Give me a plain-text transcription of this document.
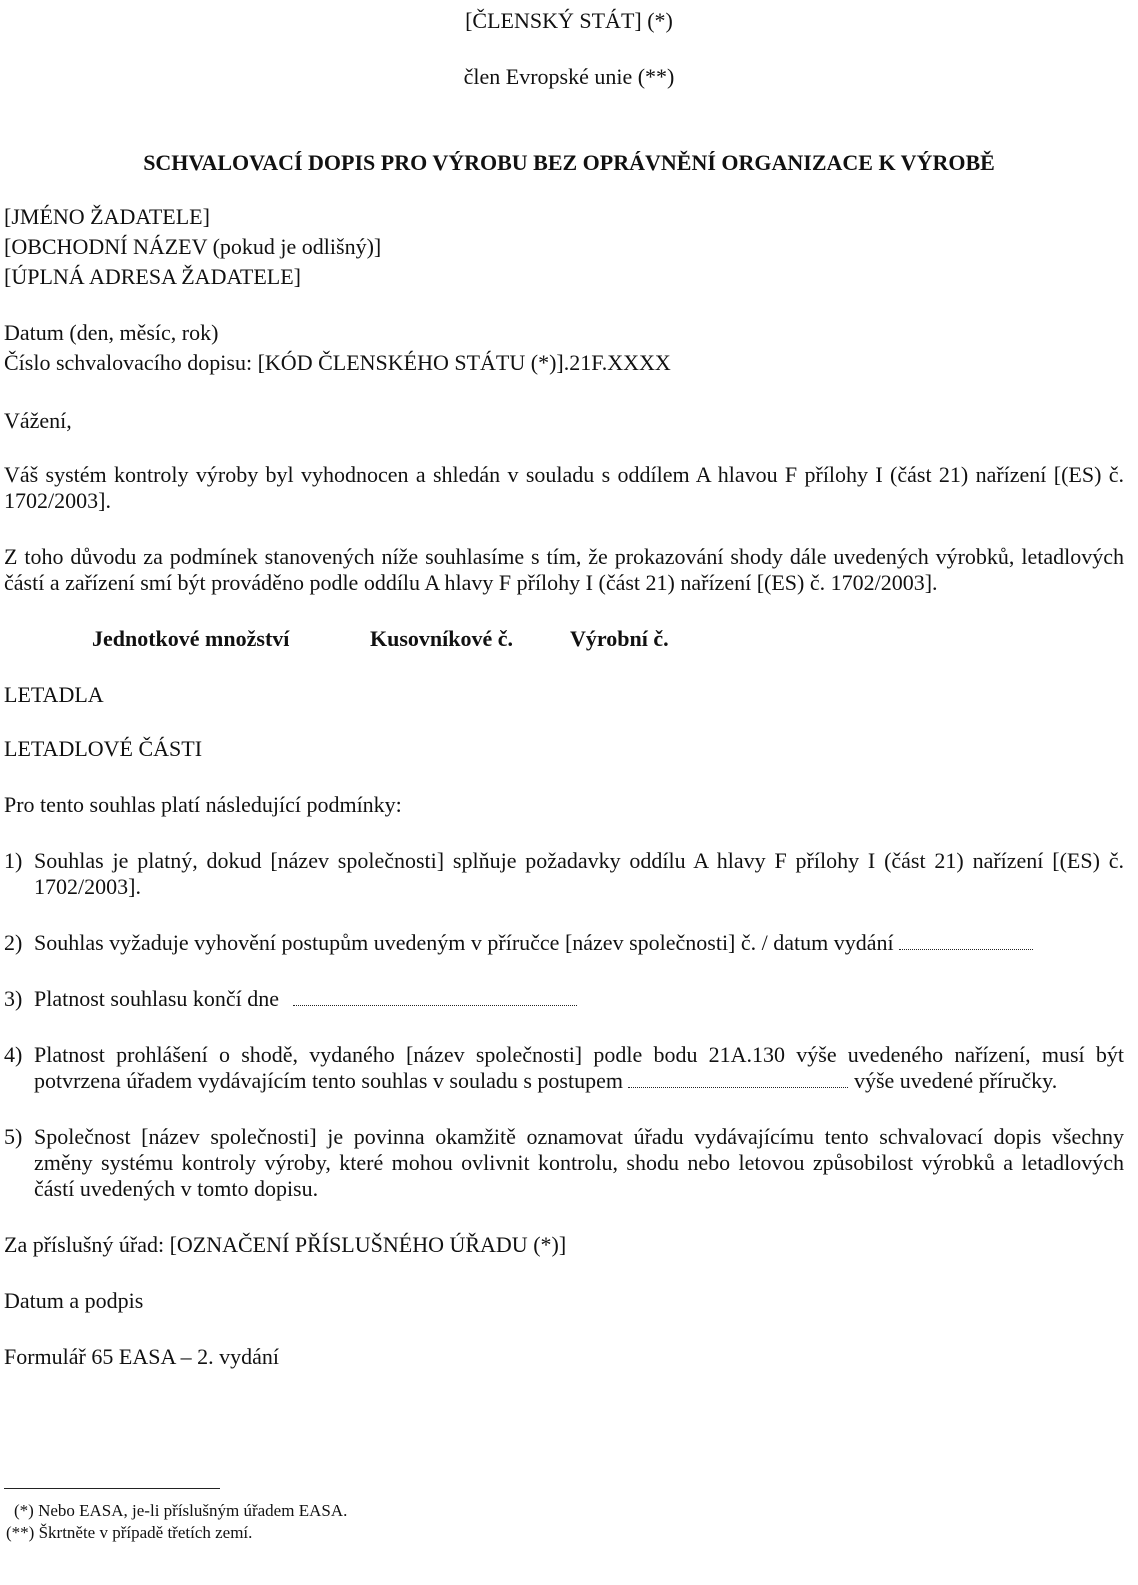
[ČLENSKÝ STÁT] (*)
člen Evropské unie (**)
SCHVALOVACÍ DOPIS PRO VÝROBU BEZ OPRÁVNĚNÍ ORGANIZACE K VÝROBĚ
[JMÉNO ŽADATELE]
[OBCHODNÍ NÁZEV (pokud je odlišný)]
[ÚPLNÁ ADRESA ŽADATELE]
Datum (den, měsíc, rok)
Číslo schvalovacího dopisu: [KÓD ČLENSKÉHO STÁTU (*)].21F.XXXX
Vážení,
Váš systém kontroly výroby byl vyhodnocen a shledán v souladu s oddílem A hlavou F přílohy I (část 21) nařízení [(ES) č. 1702/2003].
Z toho důvodu za podmínek stanovených níže souhlasíme s tím, že prokazování shody dále uvedených výrobků, letadlových částí a zařízení smí být prováděno podle oddílu A hlavy F přílohy I (část 21) nařízení [(ES) č. 1702/2003].
Jednotkové množství	Kusovníkové č.	Výrobní č.
LETADLA
LETADLOVÉ ČÁSTI
Pro tento souhlas platí následující podmínky:
1) Souhlas je platný, dokud [název společnosti] splňuje požadavky oddílu A hlavy F přílohy I (část 21) nařízení [(ES) č. 1702/2003].
2) Souhlas vyžaduje vyhovění postupům uvedeným v příručce [název společnosti] č. / datum vydání
3) Platnost souhlasu končí dne
4) Platnost prohlášení o shodě, vydaného [název společnosti] podle bodu 21A.130 výše uvedeného nařízení, musí být potvrzena úřadem vydávajícím tento souhlas v souladu s postupem	výše uvedené příručky.
5) Společnost [název společnosti] je povinna okamžitě oznamovat úřadu vydávajícímu tento schvalovací dopis všechny změny systému kontroly výroby, které mohou ovlivnit kontrolu, shodu nebo letovou způsobilost výrobků a letadlových částí uvedených v tomto dopisu.
Za příslušný úřad: [OZNAČENÍ PŘÍSLUŠNÉHO ÚŘADU (*)]
Datum a podpis
Formulář 65 EASA – 2. vydání
(*) Nebo EASA, je-li příslušným úřadem EASA.
(**) Škrtněte v případě třetích zemí.
